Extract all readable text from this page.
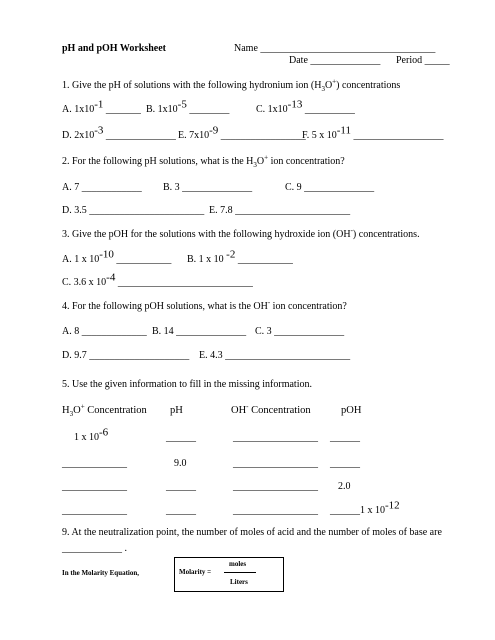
pH and pOH Worksheet	Name ___________________________________
Date ______________ Period _____
1. Give the pH of solutions with the following hydronium ion $(H_3O^+)$ concentrations
A. $1x10^{-1}$ _______ B. $1x10^{-5}$ ________	C. $1x10^{-13}$ __________
D. $2x10^{-3}$ ______________ E. $7x10^{-9}$ _________________
F. 5 x $10^{-11}$ __________________
2. For the following pH solutions, what is the $H_3O^+$ ion concentration?
A. 7 ____________ B. 3 ______________	C. 9 ______________
D. 3.5 _______________________ E. 7.8 _______________________
3. Give the pOH for the solutions with the following hydroxide ion (OH-) concentrations.
A. 1 x $10^{-10}$ ___________ B. 1 x 10 $^{-2}$ ___________
C. 3.6 x $10^{-4}$ ___________________________
4. For the following pOH solutions, what is the OH- ion concentration?
A. 8 _____________ B. 14 ______________ C. 3 ______________
D. 9.7 ____________________ E. 4.3 _________________________
5. Use the given information to fill in the missing information.
$H_3O^+$ Concentration pH	OH- Concentration	pOH
1 x $10^{-6}$	______	_________________ ______
_____________	9.0	_________________ ______
_____________	______	_________________ 2.0
_____________	______	_________________ ______1 x $10^{-12}$
9. At the neutralization point, the number of moles of acid and the number of moles of base are
____________ .
In the Molarity Equation,	Molarity =
moles
Liters
